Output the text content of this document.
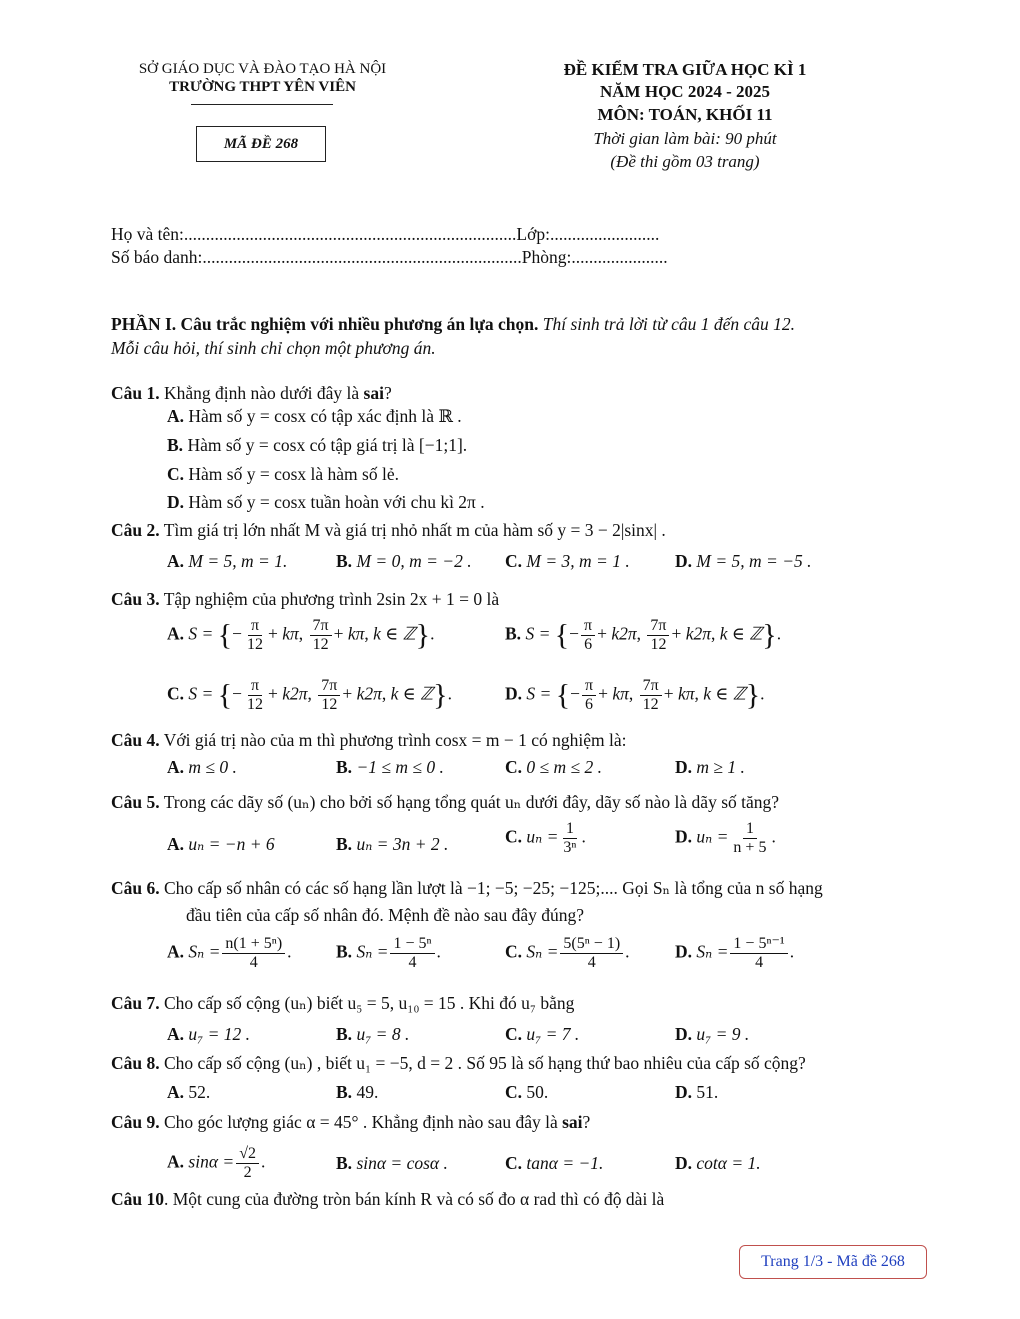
SỞ GIÁO DỤC VÀ ĐÀO TẠO HÀ NỘI
TRƯỜNG THPT YÊN VIÊN
MÃ ĐỀ 268
ĐỀ KIỂM TRA GIỮA HỌC KÌ 1
NĂM HỌC 2024 - 2025
MÔN: TOÁN, KHỐI 11
Thời gian làm bài: 90 phút
(Đề thi gồm 03 trang)
Họ và tên:............................................................................Lớp:.........................
Số báo danh:.........................................................................Phòng:......................
PHẦN I. Câu trắc nghiệm với nhiều phương án lựa chọn. Thí sinh trả lời từ câu 1 đến câu 12.
Mỗi câu hỏi, thí sinh chỉ chọn một phương án.
Câu 1. Khẳng định nào dưới đây là sai?
A. Hàm số y = cosx có tập xác định là ℝ .
B. Hàm số y = cosx có tập giá trị là [−1;1].
C. Hàm số y = cosx là hàm số lẻ.
D. Hàm số y = cosx tuần hoàn với chu kì 2π .
Câu 2. Tìm giá trị lớn nhất M và giá trị nhỏ nhất m của hàm số y = 3 − 2|sinx| .
A. M = 5, m = 1.	B. M = 0, m = −2 . C. M = 3, m = 1 .	D. M = 5, m = −5 .
Câu 3. Tập nghiệm của phương trình 2sin 2x + 1 = 0 là
A. S = {− $\frac{\pi}{12} + k\pi$, $\frac{7\pi}{12} + k\pi$, k ∈ ℤ}.	B. S = {− $\frac{\pi}{6} + k2\pi$, $\frac{7\pi}{12} + k2\pi$, k ∈ ℤ}.
C. S = {− $\frac{\pi}{12} + k2\pi$, $\frac{7\pi}{12} + k2\pi$, k ∈ ℤ}.	D. S = {− $\frac{\pi}{6} + k\pi$, $\frac{7\pi}{12} + k\pi$, k ∈ ℤ}.
Câu 4. Với giá trị nào của m thì phương trình cosx = m − 1 có nghiệm là:
A. m ≤ 0 .	B. −1 ≤ m ≤ 0 .	C. 0 ≤ m ≤ 2 .	D. m ≥ 1 .
Câu 5. Trong các dãy số (uₙ) cho bởi số hạng tổng quát uₙ dưới đây, dãy số nào là dãy số tăng?
A. uₙ = −n + 6	B. uₙ = 3n + 2 .	C. $u_n = \frac{1}{\text{3ⁿ}}$ .	D. $u_n = \frac{1}{n + 5}$ .
Câu 6. Cho cấp số nhân có các số hạng lần lượt là −1; −5; −25; −125;.... Gọi Sₙ là tổng của n số hạng
đầu tiên của cấp số nhân đó. Mệnh đề nào sau đây đúng?
A. $S_n = \frac{\text{n(1 + 5ⁿ)}}{4}$ .	B. $S_n = \frac{\text{1 − 5ⁿ}}{4}$ .	C. $S_n = \frac{\text{5(5ⁿ − 1)}}{4}$ .	D. $S_n = \frac{\text{1 − 5ⁿ⁻¹}}{4}$ .
Câu 7. Cho cấp số cộng (uₙ) biết u₅ = 5, u₁₀ = 15 . Khi đó u₇ bằng
A. u₇ = 12 .	B. u₇ = 8 .	C. u₇ = 7 .	D. u₇ = 9 .
Câu 8. Cho cấp số cộng (uₙ) , biết u₁ = −5, d = 2 . Số 95 là số hạng thứ bao nhiêu của cấp số cộng?
A. 52.	B. 49.	C. 50.	D. 51.
Câu 9. Cho góc lượng giác α = 45° . Khẳng định nào sau đây là sai?
A. $\sin\alpha = \frac{√2}{2}$ .	B. sinα = cosα .	C. tanα = −1.	D. cotα = 1.
Câu 10. Một cung của đường tròn bán kính R và có số đo α rad thì có độ dài là
Trang 1/3 - Mã đề 268
